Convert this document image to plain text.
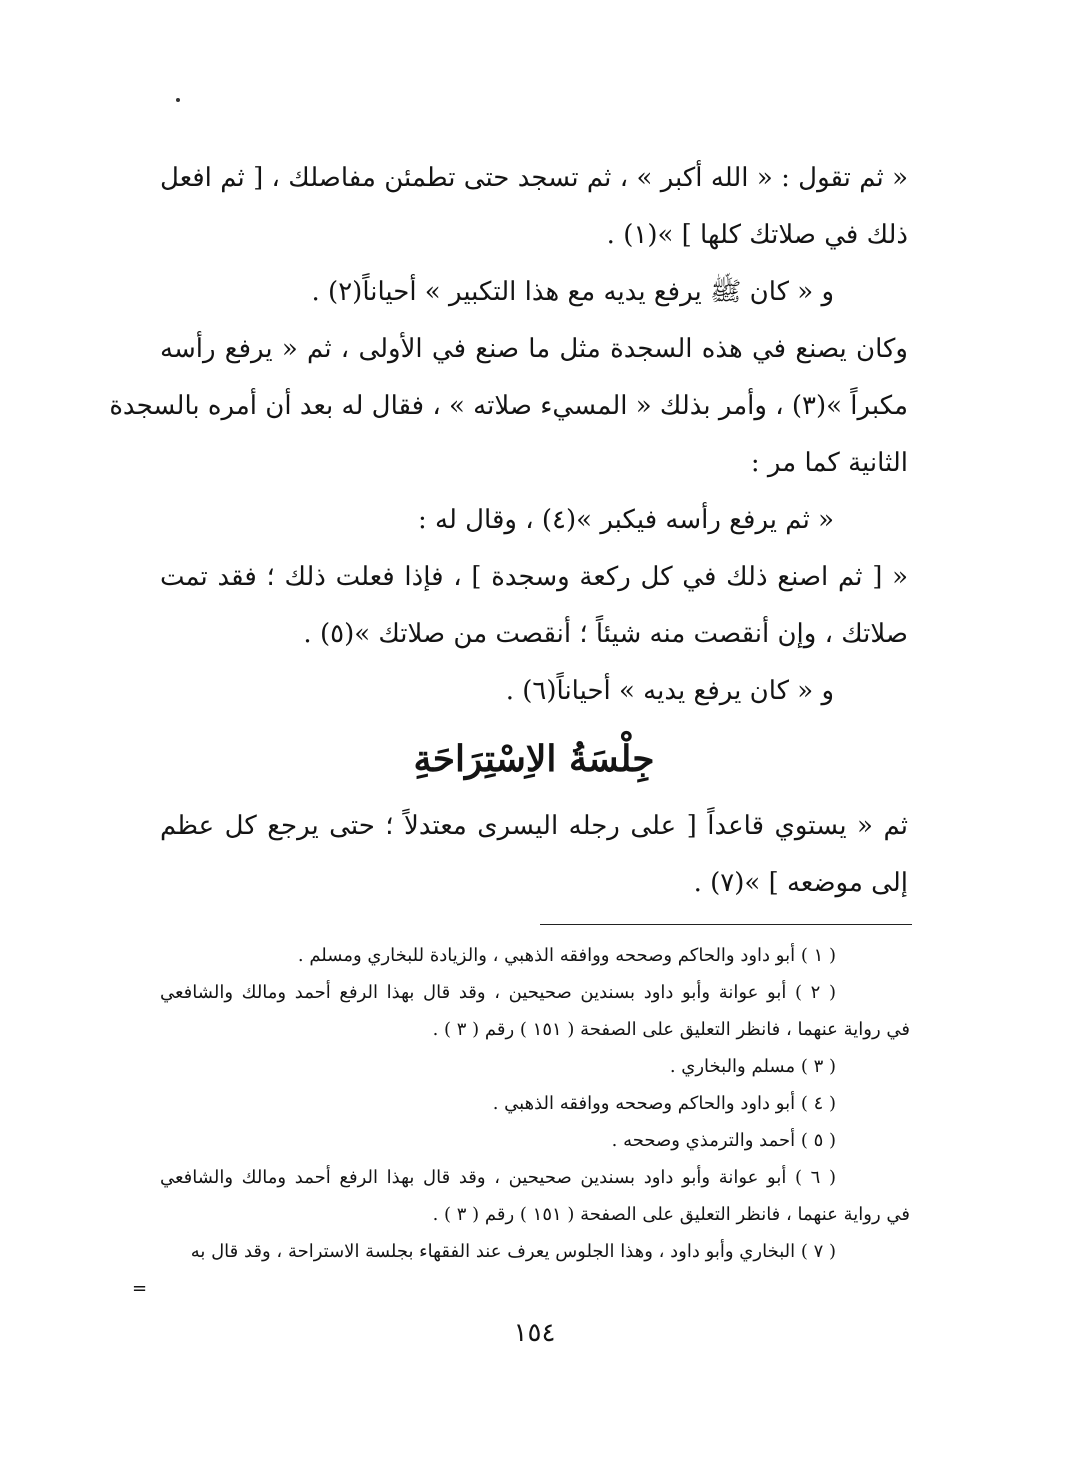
« ثم تقول : « الله أكبر » ، ثم تسجد حتى تطمئن مفاصلك ، [ ثم افعل
ذلك في صلاتك كلها ] »(١) .
و « كان ﷺ يرفع يديه مع هذا التكبير » أحياناً(٢) .
وكان يصنع في هذه السجدة مثل ما صنع في الأولى ، ثم « يرفع رأسه
مكبراً »(٣) ، وأمر بذلك « المسيء صلاته » ، فقال له بعد أن أمره بالسجدة
الثانية كما مر :
« ثم يرفع رأسه فيكبر »(٤) ، وقال له :
« [ ثم اصنع ذلك في كل ركعة وسجدة ] ، فإذا فعلت ذلك ؛ فقد تمت
صلاتك ، وإن أنقصت منه شيئاً ؛ أنقصت من صلاتك »(٥) .
و « كان يرفع يديه » أحياناً(٦) .
جِلْسَةُ الاِسْتِرَاحَةِ
ثم « يستوي قاعداً [ على رجله اليسرى معتدلاً ؛ حتى يرجع كل عظم
إلى موضعه ] »(٧) .
( ١ ) أبو داود والحاكم وصححه ووافقه الذهبي ، والزيادة للبخاري ومسلم .
( ٢ ) أبو عوانة وأبو داود بسندين صحيحين ، وقد قال بهذا الرفع أحمد ومالك والشافعي
في رواية عنهما ، فانظر التعليق على الصفحة ( ١٥١ ) رقم ( ٣ ) .
( ٣ ) مسلم والبخاري .
( ٤ ) أبو داود والحاكم وصححه ووافقه الذهبي .
( ٥ ) أحمد والترمذي وصححه .
( ٦ ) أبو عوانة وأبو داود بسندين صحيحين ، وقد قال بهذا الرفع أحمد ومالك والشافعي
في رواية عنهما ، فانظر التعليق على الصفحة ( ١٥١ ) رقم ( ٣ ) .
( ٧ ) البخاري وأبو داود ، وهذا الجلوس يعرف عند الفقهاء بجلسة الاستراحة ، وقد قال به
=
١٥٤
